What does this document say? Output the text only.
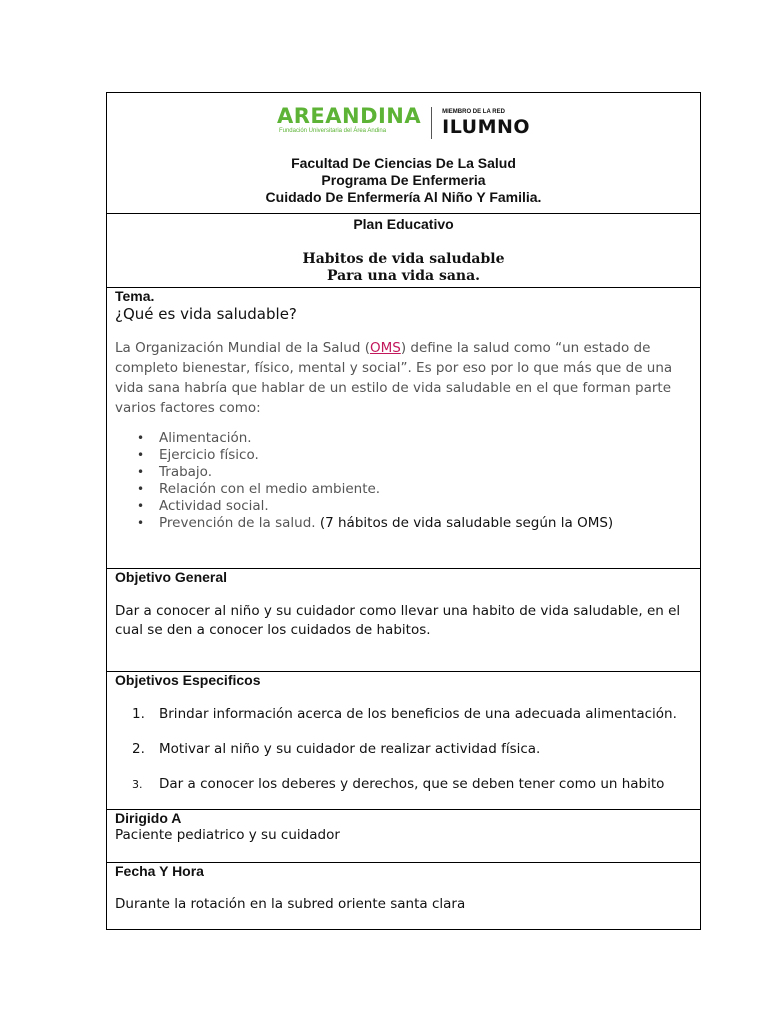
AREANDINA
Fundación Universitaria del Área Andina
MIEMBRO DE LA RED
ILUMNO
Facultad De Ciencias De La Salud
Programa De Enfermeria
Cuidado De Enfermería Al Niño Y Familia.

Plan Educativo
Habitos de vida saludable
Para una vida sana.

Tema.
¿Qué es vida saludable?
La Organización Mundial de la Salud (OMS) define la salud como “un estado de completo bienestar, físico, mental y social”. Es por eso por lo que más que de una vida sana habría que hablar de un estilo de vida saludable en el que forman parte varios factores como:
• Alimentación.
• Ejercicio físico.
• Trabajo.
• Relación con el medio ambiente.
• Actividad social.
• Prevención de la salud. (7 hábitos de vida saludable según la OMS)

Objetivo General
Dar a conocer al niño y su cuidador como llevar una habito de vida saludable, en el cual se den a conocer los cuidados de habitos.

Objetivos Especificos
1. Brindar información acerca de los beneficios de una adecuada alimentación.
2. Motivar al niño y su cuidador de realizar actividad física.
3. Dar a conocer los deberes y derechos, que se deben tener como un habito

Dirigido A
Paciente pediatrico y su cuidador

Fecha Y Hora
Durante la rotación en la subred oriente santa clara
